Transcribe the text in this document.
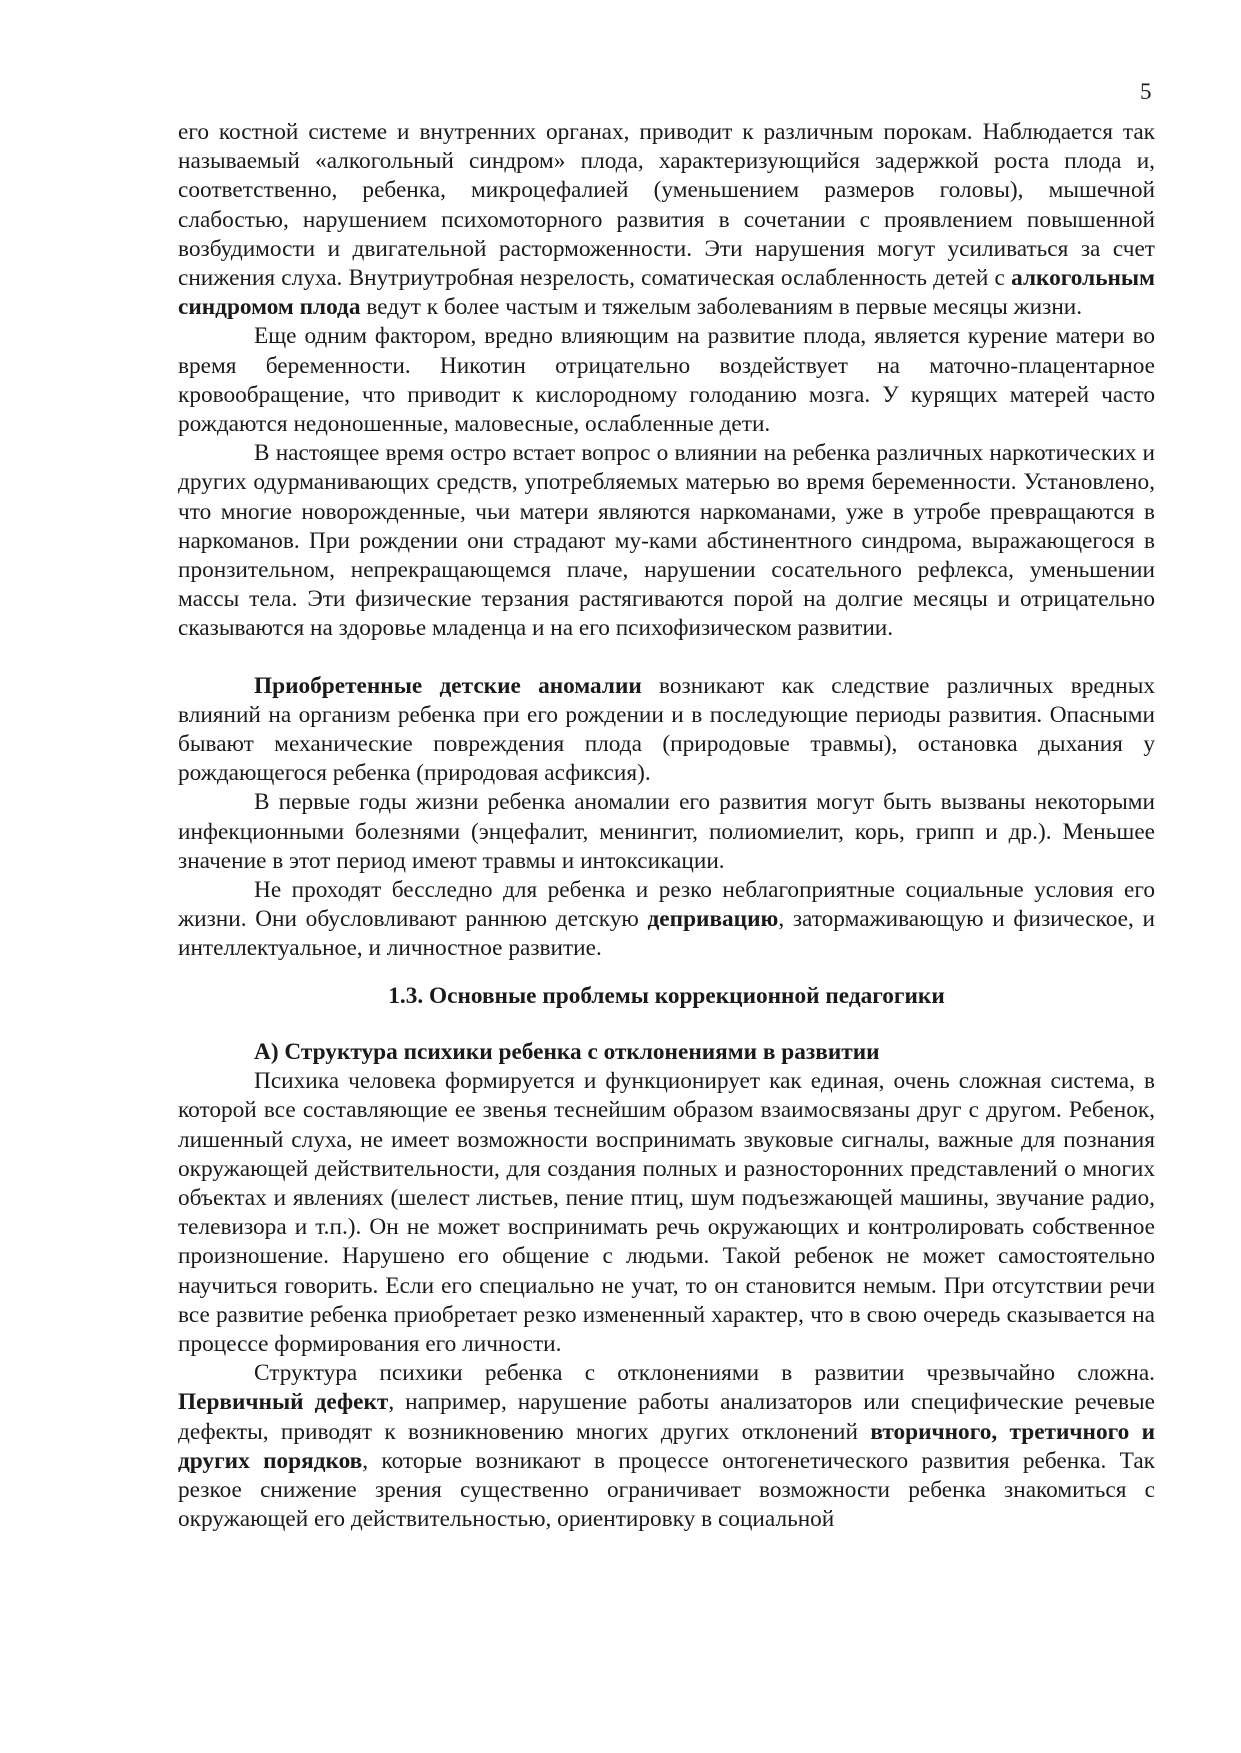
5

его костной системе и внутренних органах, приводит к различным порокам. Наблюдается так называемый «алкогольный синдром» плода, характеризующийся задержкой роста плода и, соответственно, ребенка, микроцефалией (уменьшением размеров головы), мышечной слабостью, нарушением психомоторного развития в сочетании с проявлением повышенной возбудимости и двигательной расторможенности. Эти нарушения могут усиливаться за счет снижения слуха. Внутриутробная незрелость, соматическая ослабленность детей с алкогольным синдромом плода ведут к более частым и тяжелым заболеваниям в первые месяцы жизни.

Еще одним фактором, вредно влияющим на развитие плода, является курение матери во время беременности. Никотин отрицательно воздействует на маточно-плацентарное кровообращение, что приводит к кислородному голоданию мозга. У курящих матерей часто рождаются недоношенные, маловесные, ослабленные дети.

В настоящее время остро встает вопрос о влиянии на ребенка различных наркотических и других одурманивающих средств, употребляемых матерью во время беременности. Установлено, что многие новорожденные, чьи матери являются наркоманами, уже в утробе превращаются в наркоманов. При рождении они страдают му-ками абстинентного синдрома, выражающегося в пронзительном, непрекращающемся плаче, нарушении сосательного рефлекса, уменьшении массы тела. Эти физические терзания растягиваются порой на долгие месяцы и отрицательно сказываются на здоровье младенца и на его психофизическом развитии.

Приобретенные детские аномалии возникают как следствие различных вредных влияний на организм ребенка при его рождении и в последующие периоды развития. Опасными бывают механические повреждения плода (природовые травмы), остановка дыхания у рождающегося ребенка (природовая асфиксия).

В первые годы жизни ребенка аномалии его развития могут быть вызваны некоторыми инфекционными болезнями (энцефалит, менингит, полиомиелит, корь, грипп и др.). Меньшее значение в этот период имеют травмы и интоксикации.

Не проходят бесследно для ребенка и резко неблагоприятные социальные условия его жизни. Они обусловливают раннюю детскую депривацию, затормаживающую и физическое, и интеллектуальное, и личностное развитие.

1.3. Основные проблемы коррекционной педагогики

А) Структура психики ребенка с отклонениями в развитии

Психика человека формируется и функционирует как единая, очень сложная система, в которой все составляющие ее звенья теснейшим образом взаимосвязаны друг с другом. Ребенок, лишенный слуха, не имеет возможности воспринимать звуковые сигналы, важные для познания окружающей действительности, для создания полных и разносторонних представлений о многих объектах и явлениях (шелест листьев, пение птиц, шум подъезжающей машины, звучание радио, телевизора и т.п.). Он не может воспринимать речь окружающих и контролировать собственное произношение. Нарушено его общение с людьми. Такой ребенок не может самостоятельно научиться говорить. Если его специально не учат, то он становится немым. При отсутствии речи все развитие ребенка приобретает резко измененный характер, что в свою очередь сказывается на процессе формирования его личности.

Структура психики ребенка с отклонениями в развитии чрезвычайно сложна. Первичный дефект, например, нарушение работы анализаторов или специфические речевые дефекты, приводят к возникновению многих других отклонений вторичного, третичного и других порядков, которые возникают в процессе онтогенетического развития ребенка. Так резкое снижение зрения существенно ограничивает возможности ребенка знакомиться с окружающей его действительностью, ориентировку в социальной
